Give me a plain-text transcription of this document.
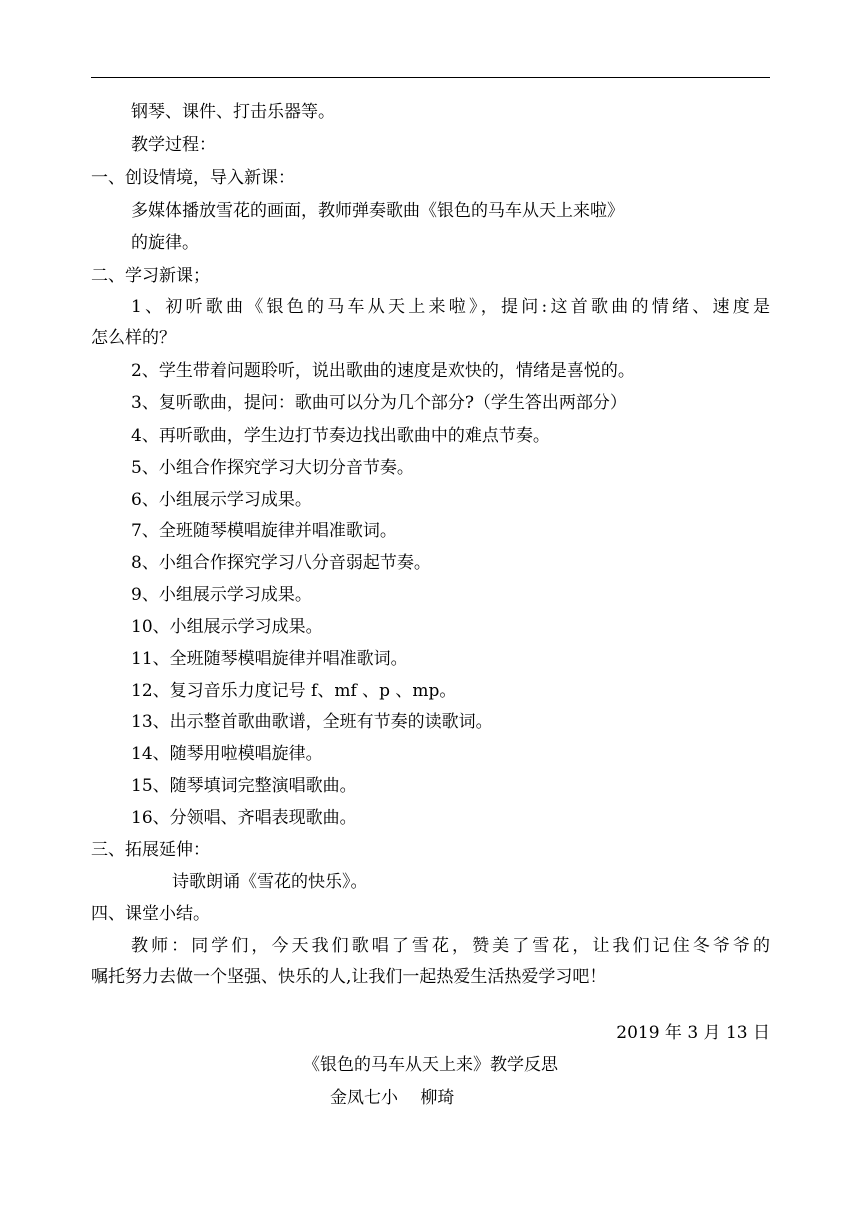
钢琴、课件、打击乐器等。
教学过程：
一、创设情境，导入新课：
多媒体播放雪花的画面，教师弹奏歌曲《银色的马车从天上来啦》
的旋律。
二、学习新课；
1、初听歌曲《银色的马车从天上来啦》，提问:这首歌曲的情绪、速度是
怎么样的？
2、学生带着问题聆听，说出歌曲的速度是欢快的，情绪是喜悦的。
3、复听歌曲，提问：歌曲可以分为几个部分?（学生答出两部分）
4、再听歌曲，学生边打节奏边找出歌曲中的难点节奏。
5、小组合作探究学习大切分音节奏。
6、小组展示学习成果。
7、全班随琴模唱旋律并唱准歌词。
8、小组合作探究学习八分音弱起节奏。
9、小组展示学习成果。
10、小组展示学习成果。
11、全班随琴模唱旋律并唱准歌词。
12、复习音乐力度记号 f、mf 、p 、mp。
13、出示整首歌曲歌谱，全班有节奏的读歌词。
14、随琴用啦模唱旋律。
15、随琴填词完整演唱歌曲。
16、分领唱、齐唱表现歌曲。
三、拓展延伸：
诗歌朗诵《雪花的快乐》。
四、课堂小结。
教师：同学们，今天我们歌唱了雪花，赞美了雪花，让我们记住冬爷爷的
嘱托努力去做一个坚强、快乐的人,让我们一起热爱生活热爱学习吧！
2019 年 3 月 13 日
《银色的马车从天上来》教学反思
金凤七小　 柳琦
